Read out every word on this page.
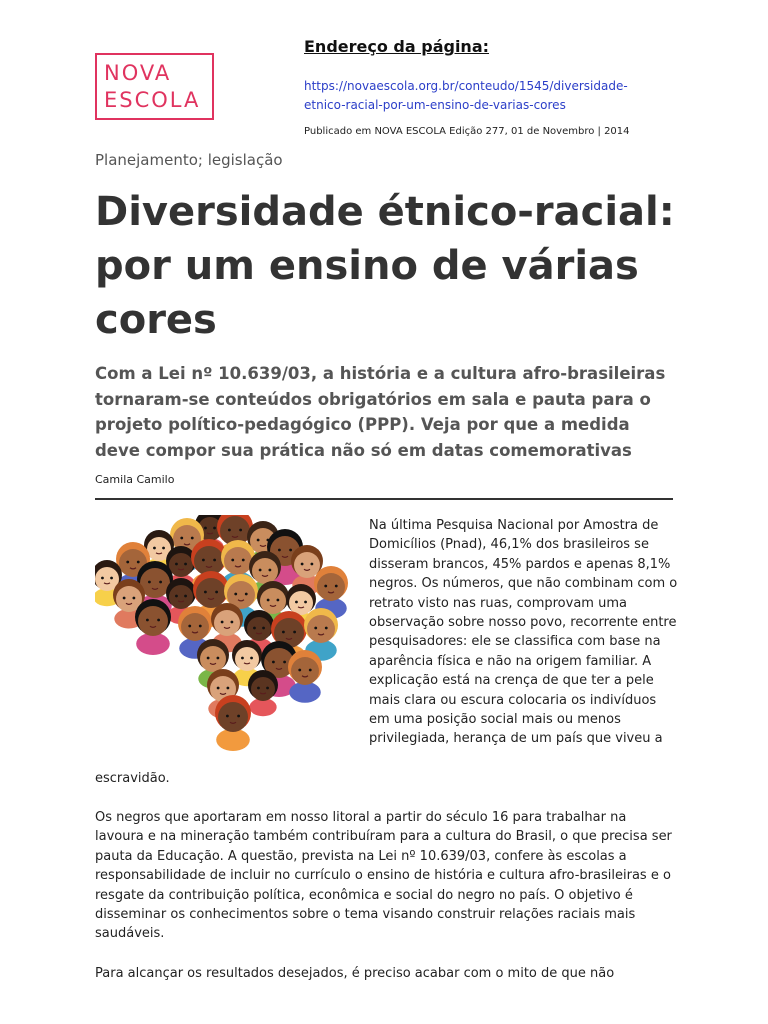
NOVA
ESCOLA
Endereço da página:
https://novaescola.org.br/conteudo/1545/diversidade-etnico-racial-por-um-ensino-de-varias-cores
Publicado em NOVA ESCOLA Edição 277, 01 de Novembro | 2014
Planejamento; legislação
Diversidade étnico-racial: por um ensino de várias cores

Com a Lei nº 10.639/03, a história e a cultura afro-brasileiras tornaram-se conteúdos obrigatórios em sala e pauta para o projeto político-pedagógico (PPP). Veja por que a medida deve compor sua prática não só em datas comemorativas

Camila Camilo

Na última Pesquisa Nacional por Amostra de Domicílios (Pnad), 46,1% dos brasileiros se disseram brancos, 45% pardos e apenas 8,1% negros. Os números, que não combinam com o retrato visto nas ruas, comprovam uma observação sobre nosso povo, recorrente entre pesquisadores: ele se classifica com base na aparência física e não na origem familiar. A explicação está na crença de que ter a pele mais clara ou escura colocaria os indivíduos em uma posição social mais ou menos privilegiada, herança de um país que viveu a

escravidão.

Os negros que aportaram em nosso litoral a partir do século 16 para trabalhar na lavoura e na mineração também contribuíram para a cultura do Brasil, o que precisa ser pauta da Educação. A questão, prevista na Lei nº 10.639/03, confere às escolas a responsabilidade de incluir no currículo o ensino de história e cultura afro-brasileiras e o resgate da contribuição política, econômica e social do negro no país. O objetivo é disseminar os conhecimentos sobre o tema visando construir relações raciais mais saudáveis.

Para alcançar os resultados desejados, é preciso acabar com o mito de que não
